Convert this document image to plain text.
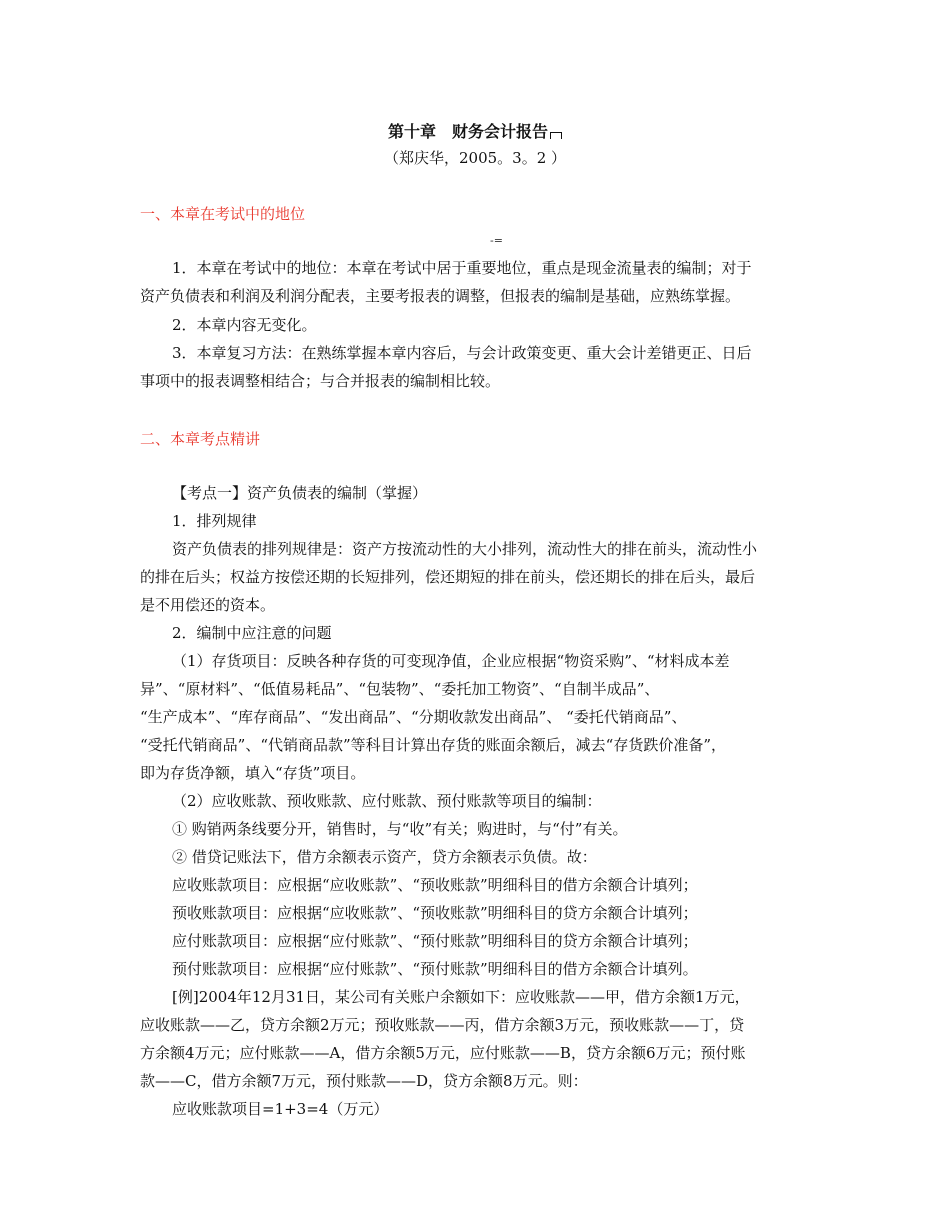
第十章　财务会计报告
（郑庆华，2005。3。2 ）
一、本章在考试中的地位
-=
1．本章在考试中的地位：本章在考试中居于重要地位，重点是现金流量表的编制；对于
资产负债表和利润及利润分配表，主要考报表的调整，但报表的编制是基础，应熟练掌握。
2．本章内容无变化。
3．本章复习方法：在熟练掌握本章内容后，与会计政策变更、重大会计差错更正、日后
事项中的报表调整相结合；与合并报表的编制相比较。
二、本章考点精讲
【考点一】资产负债表的编制（掌握）
1．排列规律
资产负债表的排列规律是：资产方按流动性的大小排列，流动性大的排在前头，流动性小
的排在后头；权益方按偿还期的长短排列，偿还期短的排在前头，偿还期长的排在后头，最后
是不用偿还的资本。
2．编制中应注意的问题
（1）存货项目：反映各种存货的可变现净值，企业应根据“物资采购”、“材料成本差
异”、“原材料”、“低值易耗品”、“包装物”、“委托加工物资”、“自制半成品”、
“生产成本”、“库存商品”、“发出商品”、“分期收款发出商品”、 “委托代销商品”、
“受托代销商品”、“代销商品款”等科目计算出存货的账面余额后，减去“存货跌价准备”，
即为存货净额，填入“存货”项目。
（2）应收账款、预收账款、应付账款、预付账款等项目的编制：
① 购销两条线要分开，销售时，与“收”有关；购进时，与“付”有关。
② 借贷记账法下，借方余额表示资产，贷方余额表示负债。故：
应收账款项目：应根据“应收账款”、“预收账款”明细科目的借方余额合计填列；
预收账款项目：应根据“应收账款”、“预收账款”明细科目的贷方余额合计填列；
应付账款项目：应根据“应付账款”、“预付账款”明细科目的贷方余额合计填列；
预付账款项目：应根据“应付账款”、“预付账款”明细科目的借方余额合计填列。
[例]2004年12月31日，某公司有关账户余额如下：应收账款——甲，借方余额1万元，
应收账款——乙，贷方余额2万元；预收账款——丙，借方余额3万元，预收账款——丁，贷
方余额4万元；应付账款——A，借方余额5万元，应付账款——B，贷方余额6万元；预付账
款——C，借方余额7万元，预付账款——D，贷方余额8万元。则：
应收账款项目=1+3=4（万元）
